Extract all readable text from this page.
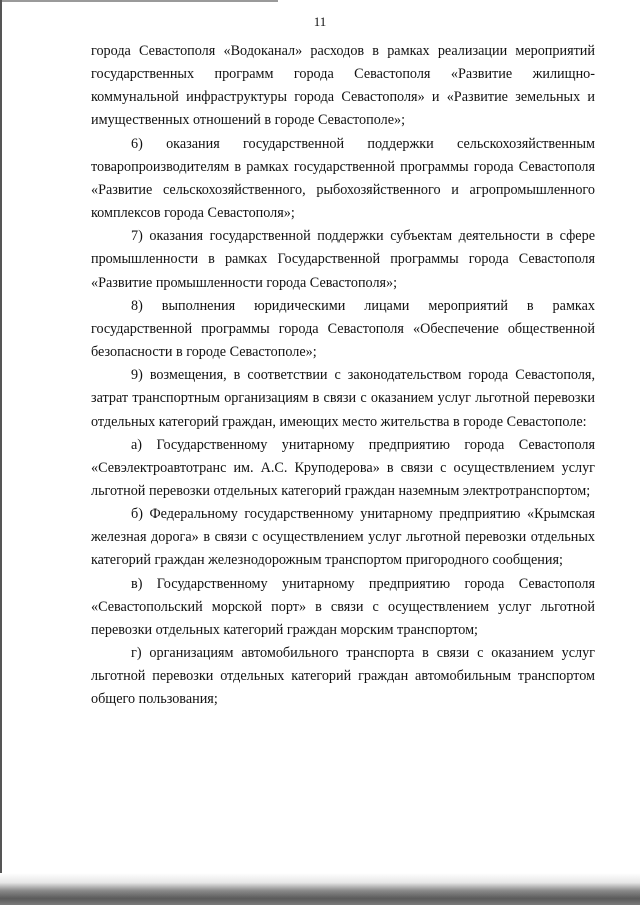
11

города Севастополя «Водоканал» расходов в рамках реализации мероприятий государственных программ города Севастополя «Развитие жилищно-коммунальной инфраструктуры города Севастополя» и «Развитие земельных и имущественных отношений в городе Севастополе»;

6) оказания государственной поддержки сельскохозяйственным товаропроизводителям в рамках государственной программы города Севастополя «Развитие сельскохозяйственного, рыбохозяйственного и агропромышленного комплексов города Севастополя»;

7) оказания государственной поддержки субъектам деятельности в сфере промышленности в рамках Государственной программы города Севастополя «Развитие промышленности города Севастополя»;

8) выполнения юридическими лицами мероприятий в рамках государственной программы города Севастополя «Обеспечение общественной безопасности в городе Севастополе»;

9) возмещения, в соответствии с законодательством города Севастополя, затрат транспортным организациям в связи с оказанием услуг льготной перевозки отдельных категорий граждан, имеющих место жительства в городе Севастополе:

а) Государственному унитарному предприятию города Севастополя «Севэлектроавтотранс им. А.С. Круподерова» в связи с осуществлением услуг льготной перевозки отдельных категорий граждан наземным электротранспортом;

б) Федеральному государственному унитарному предприятию «Крымская железная дорога» в связи с осуществлением услуг льготной перевозки отдельных категорий граждан железнодорожным транспортом пригородного сообщения;

в) Государственному унитарному предприятию города Севастополя «Севастопольский морской порт» в связи с осуществлением услуг льготной перевозки отдельных категорий граждан морским транспортом;

г) организациям автомобильного транспорта в связи с оказанием услуг льготной перевозки отдельных категорий граждан автомобильным транспортом общего пользования;
